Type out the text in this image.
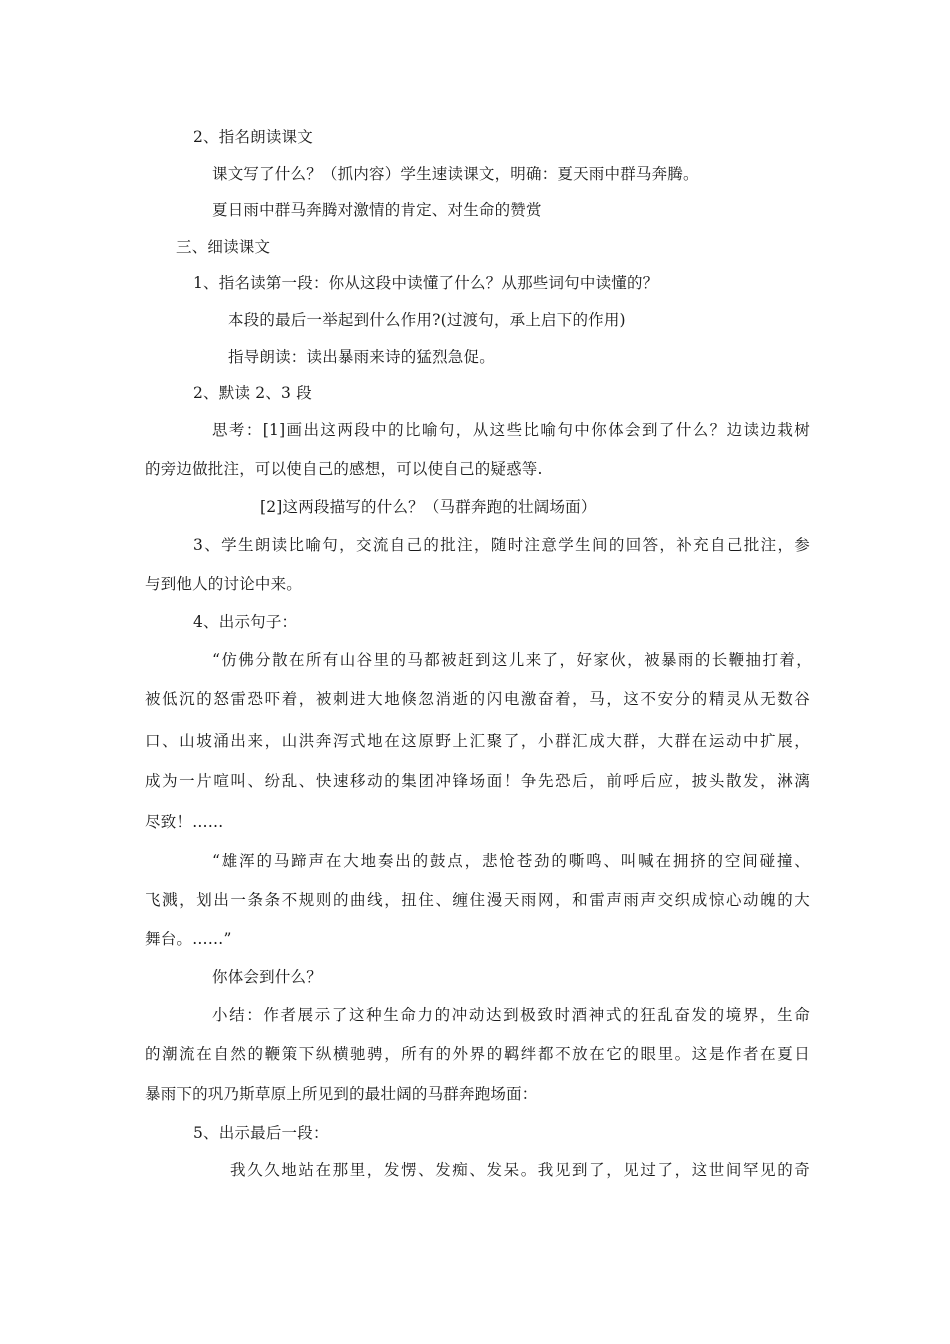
2、指名朗读课文
课文写了什么？（抓内容）学生速读课文，明确：夏天雨中群马奔腾。
夏日雨中群马奔腾对激情的肯定、对生命的赞赏
三、细读课文
1、指名读第一段：你从这段中读懂了什么？从那些词句中读懂的？
本段的最后一举起到什么作用?(过渡句，承上启下的作用)
指导朗读：读出暴雨来诗的猛烈急促。
2、默读 2、3 段
思考：[1]画出这两段中的比喻句，从这些比喻句中你体会到了什么？边读边栽树
的旁边做批注，可以使自己的感想，可以使自己的疑惑等.
[2]这两段描写的什么？（马群奔跑的壮阔场面）
3、学生朗读比喻句，交流自己的批注，随时注意学生间的回答，补充自己批注，参
与到他人的讨论中来。
4、出示句子：
“仿佛分散在所有山谷里的马都被赶到这儿来了，好家伙，被暴雨的长鞭抽打着，
被低沉的怒雷恐吓着，被刺进大地倏忽消逝的闪电激奋着，马，这不安分的精灵从无数谷
口、山坡涌出来，山洪奔泻式地在这原野上汇聚了，小群汇成大群，大群在运动中扩展，
成为一片喧叫、纷乱、快速移动的集团冲锋场面！争先恐后，前呼后应，披头散发，淋漓
尽致！……
“雄浑的马蹄声在大地奏出的鼓点，悲怆苍劲的嘶鸣、叫喊在拥挤的空间碰撞、
飞溅，划出一条条不规则的曲线，扭住、缠住漫天雨网，和雷声雨声交织成惊心动魄的大
舞台。……”
你体会到什么？
小结：作者展示了这种生命力的冲动达到极致时酒神式的狂乱奋发的境界，生命
的潮流在自然的鞭策下纵横驰骋，所有的外界的羁绊都不放在它的眼里。这是作者在夏日
暴雨下的巩乃斯草原上所见到的最壮阔的马群奔跑场面：
5、出示最后一段：
我久久地站在那里，发愣、发痴、发呆。我见到了，见过了，这世间罕见的奇
